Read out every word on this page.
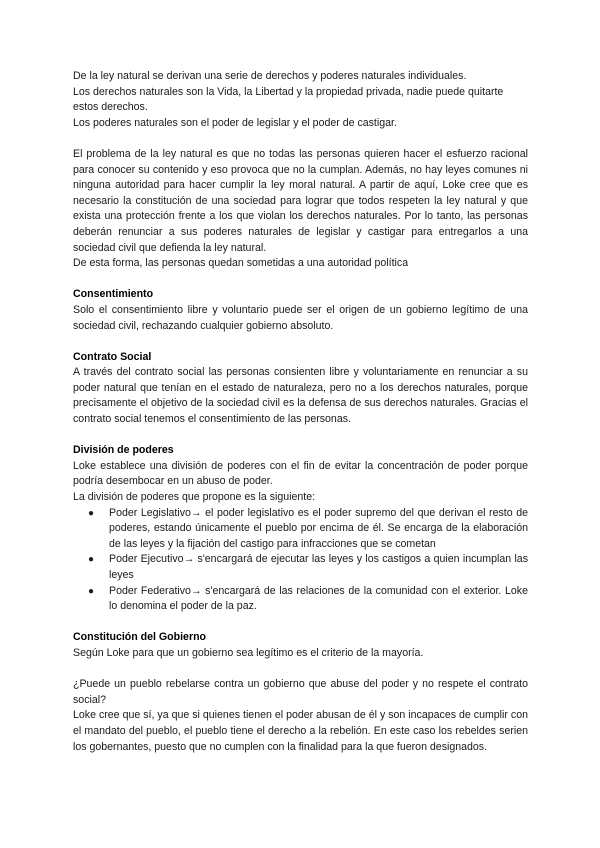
De la ley natural se derivan una serie de derechos y poderes naturales individuales.

Los derechos naturales son la Vida, la Libertad y la propiedad privada, nadie puede quitarte estos derechos.

Los poderes naturales son el poder de legislar y el poder de castigar.

El problema de la ley natural es que no todas las personas quieren hacer el esfuerzo racional para conocer su contenido y eso provoca que no la cumplan. Además, no hay leyes comunes ni ninguna autoridad para hacer cumplir la ley moral natural. A partir de aquí, Loke cree que es necesario la constitución de una sociedad para lograr que todos respeten la ley natural y que exista una protección frente a los que violan los derechos naturales. Por lo tanto, las personas deberán renunciar a sus poderes naturales de legislar y castigar para entregarlos a una sociedad civil que defienda la ley natural.

De esta forma, las personas quedan sometidas a una autoridad política

Consentimiento

Solo el consentimiento libre y voluntario puede ser el origen de un gobierno legítimo de una sociedad civil, rechazando cualquier gobierno absoluto.

Contrato Social

A través del contrato social las personas consienten libre y voluntariamente en renunciar a su poder natural que tenían en el estado de naturaleza, pero no a los derechos naturales, porque precisamente el objetivo de la sociedad civil es la defensa de sus derechos naturales. Gracias el contrato social tenemos el consentimiento de las personas.

División de poderes

Loke establece una división de poderes con el fin de evitar la concentración de poder porque podría desembocar en un abuso de poder.

La división de poderes que propone es la siguiente:

● Poder Legislativo→ el poder legislativo es el poder supremo del que derivan el resto de poderes, estando únicamente el pueblo por encima de él. Se encarga de la elaboración de las leyes y la fijación del castigo para infracciones que se cometan
● Poder Ejecutivo→ s'encargará de ejecutar las leyes y los castigos a quien incumplan las leyes
● Poder Federativo→ s'encargará de las relaciones de la comunidad con el exterior. Loke lo denomina el poder de la paz.
Constitución del Gobierno

Según Loke para que un gobierno sea legítimo es el criterio de la mayoría.

¿Puede un pueblo rebelarse contra un gobierno que abuse del poder y no respete el contrato social?

Loke cree que sí, ya que si quienes tienen el poder abusan de él y son incapaces de cumplir con el mandato del pueblo, el pueblo tiene el derecho a la rebelión. En este caso los rebeldes serien los gobernantes, puesto que no cumplen con la finalidad para la que fueron designados.
